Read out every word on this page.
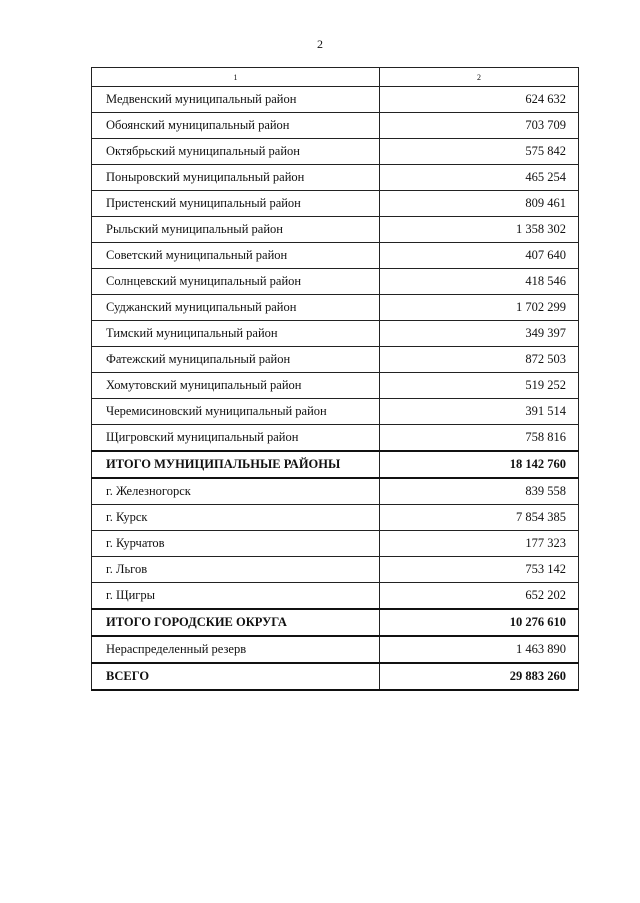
2
1	2
Медвенский муниципальный район	624 632
Обоянский муниципальный район	703 709
Октябрьский муниципальный район	575 842
Поныровский муниципальный район	465 254
Пристенский муниципальный район	809 461
Рыльский муниципальный район	1 358 302
Советский муниципальный район	407 640
Солнцевский муниципальный район	418 546
Суджанский муниципальный район	1 702 299
Тимский муниципальный район	349 397
Фатежский муниципальный район	872 503
Хомутовский муниципальный район	519 252
Черемисиновский муниципальный район	391 514
Щигровский муниципальный район	758 816
ИТОГО МУНИЦИПАЛЬНЫЕ РАЙОНЫ	18 142 760
г. Железногорск	839 558
г. Курск	7 854 385
г. Курчатов	177 323
г. Льгов	753 142
г. Щигры	652 202
ИТОГО ГОРОДСКИЕ ОКРУГА	10 276 610
Нераспределенный резерв	1 463 890
ВСЕГО	29 883 260
